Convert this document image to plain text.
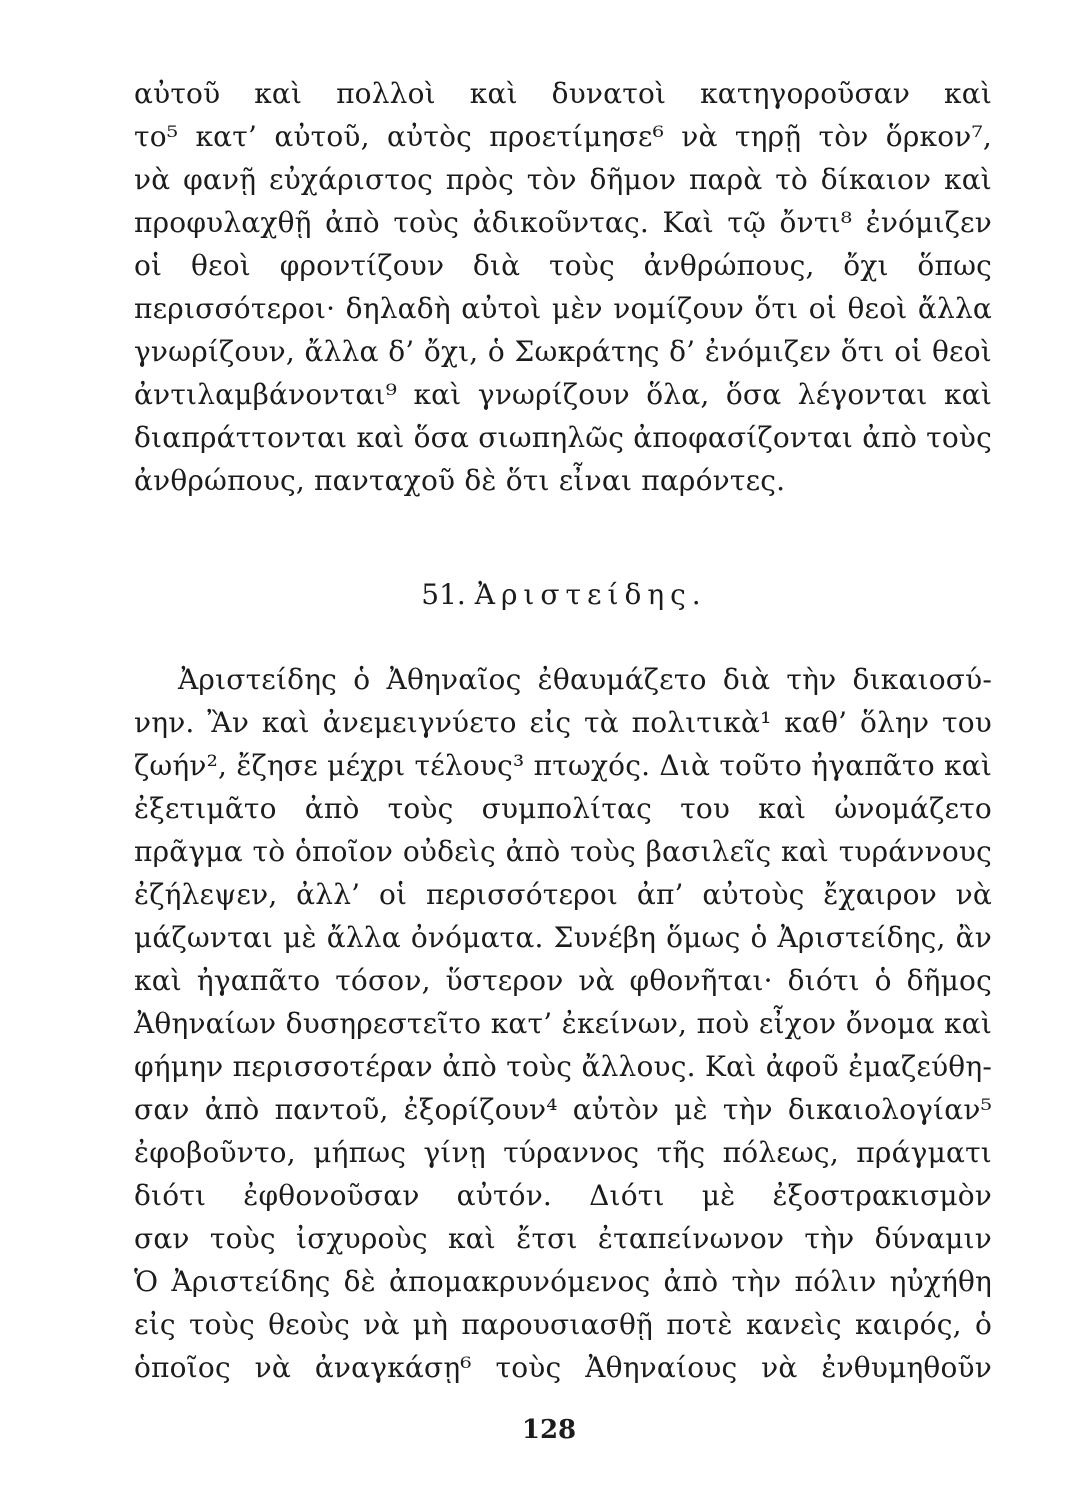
αὐτοῦ καὶ πολλοὶ καὶ δυνατοὶ κατηγοροῦσαν καὶ
το⁵ κατ’ αὐτοῦ, αὐτὸς προετίμησε⁶ νὰ τηρῇ τὸν ὅρκον⁷,
νὰ φανῇ εὐχάριστος πρὸς τὸν δῆμον παρὰ τὸ δίκαιον καὶ
προφυλαχθῇ ἀπὸ τοὺς ἀδικοῦντας. Καὶ τῷ ὄντι⁸ ἐνόμιζεν
οἱ θεοὶ φροντίζουν διὰ τοὺς ἀνθρώπους, ὄχι ὅπως
περισσότεροι· δηλαδὴ αὐτοὶ μὲν νομίζουν ὅτι οἱ θεοὶ ἄλλα
γνωρίζουν, ἄλλα δ’ ὄχι, ὁ Σωκράτης δ’ ἐνόμιζεν ὅτι οἱ θεοὶ
ἀντιλαμβάνονται⁹ καὶ γνωρίζουν ὅλα, ὅσα λέγονται καὶ
διαπράττονται καὶ ὅσα σιωπηλῶς ἀποφασίζονται ἀπὸ τοὺς
ἀνθρώπους, πανταχοῦ δὲ ὅτι εἶναι παρόντες.
51. Ἀριστείδης.
Ἀριστείδης ὁ Ἀθηναῖος ἐθαυμάζετο διὰ τὴν δικαιοσύ-
νην. Ἂν καὶ ἀνεμειγνύετο εἰς τὰ πολιτικὰ¹ καθ’ ὅλην του
ζωήν², ἔζησε μέχρι τέλους³ πτωχός. Διὰ τοῦτο ἠγαπᾶτο καὶ
ἐξετιμᾶτο ἀπὸ τοὺς συμπολίτας του καὶ ὠνομάζετο
πρᾶγμα τὸ ὁποῖον οὐδεὶς ἀπὸ τοὺς βασιλεῖς καὶ τυράννους
ἐζήλεψεν, ἀλλ’ οἱ περισσότεροι ἀπ’ αὐτοὺς ἔχαιρον νὰ
μάζωνται μὲ ἄλλα ὀνόματα. Συνέβη ὅμως ὁ Ἀριστείδης, ἂν
καὶ ἠγαπᾶτο τόσον, ὕστερον νὰ φθονῆται· διότι ὁ δῆμος
Ἀθηναίων δυσηρεστεῖτο κατ’ ἐκείνων, ποὺ εἶχον ὄνομα καὶ
φήμην περισσοτέραν ἀπὸ τοὺς ἄλλους. Καὶ ἀφοῦ ἐμαζεύθη-
σαν ἀπὸ παντοῦ, ἐξορίζουν⁴ αὐτὸν μὲ τὴν δικαιολογίαν⁵
ἐφοβοῦντο, μήπως γίνῃ τύραννος τῆς πόλεως, πράγματι
διότι ἐφθονοῦσαν αὐτόν. Διότι μὲ ἐξοστρακισμὸν
σαν τοὺς ἰσχυροὺς καὶ ἔτσι ἐταπείνωνον τὴν δύναμιν
Ὁ Ἀριστείδης δὲ ἀπομακρυνόμενος ἀπὸ τὴν πόλιν ηὐχήθη
εἰς τοὺς θεοὺς νὰ μὴ παρουσιασθῇ ποτὲ κανεὶς καιρός, ὁ
ὁποῖος νὰ ἀναγκάσῃ⁶ τοὺς Ἀθηναίους νὰ ἐνθυμηθοῦν
128
